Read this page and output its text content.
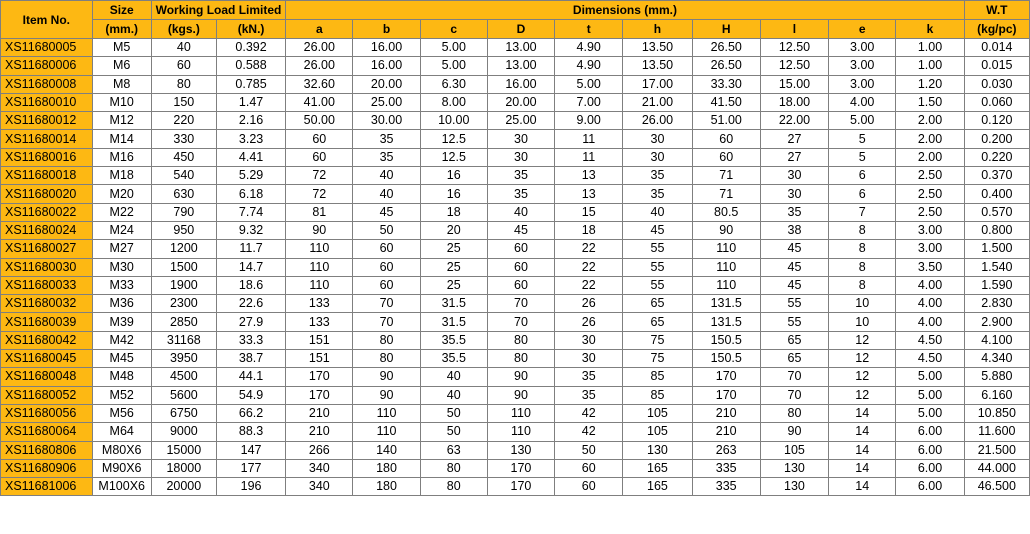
Item No.	Size	Working Load Limited		Dimensions (mm.)										W.T
	(mm.)	(kgs.)	(kN.)	a	b	c	D	t	h	H	l	e	k	(kg/pc)
XS11680005	M5	40	0.392	26.00	16.00	5.00	13.00	4.90	13.50	26.50	12.50	3.00	1.00	0.014
XS11680006	M6	60	0.588	26.00	16.00	5.00	13.00	4.90	13.50	26.50	12.50	3.00	1.00	0.015
XS11680008	M8	80	0.785	32.60	20.00	6.30	16.00	5.00	17.00	33.30	15.00	3.00	1.20	0.030
XS11680010	M10	150	1.47	41.00	25.00	8.00	20.00	7.00	21.00	41.50	18.00	4.00	1.50	0.060
XS11680012	M12	220	2.16	50.00	30.00	10.00	25.00	9.00	26.00	51.00	22.00	5.00	2.00	0.120
XS11680014	M14	330	3.23	60	35	12.5	30	11	30	60	27	5	2.00	0.200
XS11680016	M16	450	4.41	60	35	12.5	30	11	30	60	27	5	2.00	0.220
XS11680018	M18	540	5.29	72	40	16	35	13	35	71	30	6	2.50	0.370
XS11680020	M20	630	6.18	72	40	16	35	13	35	71	30	6	2.50	0.400
XS11680022	M22	790	7.74	81	45	18	40	15	40	80.5	35	7	2.50	0.570
XS11680024	M24	950	9.32	90	50	20	45	18	45	90	38	8	3.00	0.800
XS11680027	M27	1200	11.7	110	60	25	60	22	55	110	45	8	3.00	1.500
XS11680030	M30	1500	14.7	110	60	25	60	22	55	110	45	8	3.50	1.540
XS11680033	M33	1900	18.6	110	60	25	60	22	55	110	45	8	4.00	1.590
XS11680032	M36	2300	22.6	133	70	31.5	70	26	65	131.5	55	10	4.00	2.830
XS11680039	M39	2850	27.9	133	70	31.5	70	26	65	131.5	55	10	4.00	2.900
XS11680042	M42	31168	33.3	151	80	35.5	80	30	75	150.5	65	12	4.50	4.100
XS11680045	M45	3950	38.7	151	80	35.5	80	30	75	150.5	65	12	4.50	4.340
XS11680048	M48	4500	44.1	170	90	40	90	35	85	170	70	12	5.00	5.880
XS11680052	M52	5600	54.9	170	90	40	90	35	85	170	70	12	5.00	6.160
XS11680056	M56	6750	66.2	210	110	50	110	42	105	210	80	14	5.00	10.850
XS11680064	M64	9000	88.3	210	110	50	110	42	105	210	90	14	6.00	11.600
XS11680806	M80X6	15000	147	266	140	63	130	50	130	263	105	14	6.00	21.500
XS11680906	M90X6	18000	177	340	180	80	170	60	165	335	130	14	6.00	44.000
XS11681006	M100X6	20000	196	340	180	80	170	60	165	335	130	14	6.00	46.500
